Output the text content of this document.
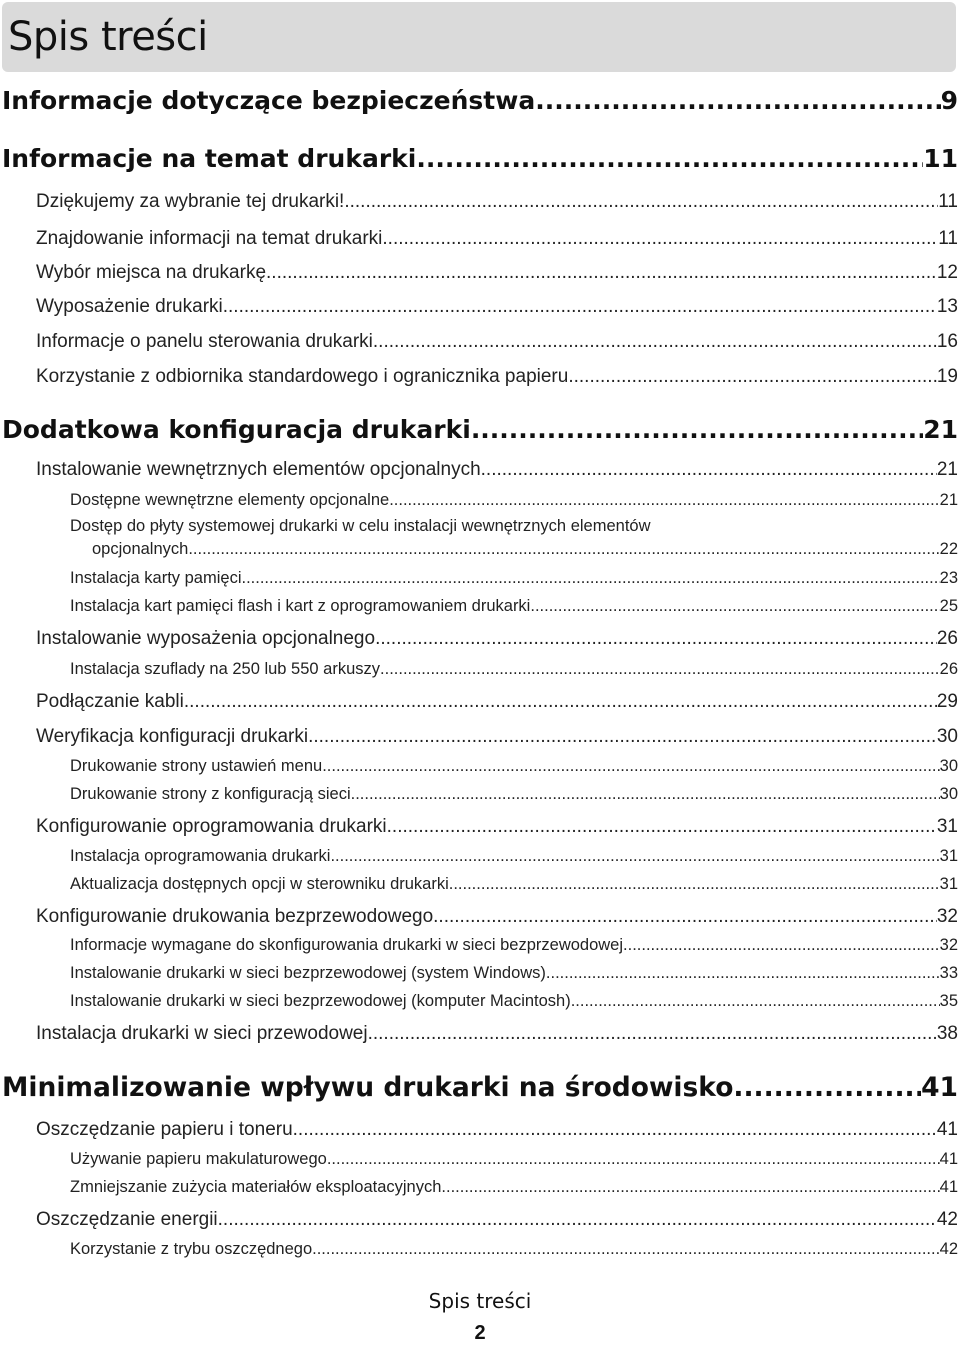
Spis treści
Informacje dotyczące bezpieczeństwa .....	9
Informacje na temat drukarki .....	11
Dziękujemy za wybranie tej drukarki! .....	11
Znajdowanie informacji na temat drukarki .....	11
Wybór miejsca na drukarkę .....	12
Wyposażenie drukarki .....	13
Informacje o panelu sterowania drukarki .....	16
Korzystanie z odbiornika standardowego i ogranicznika papieru .....	19
Dodatkowa konfiguracja drukarki .....	21
Instalowanie wewnętrznych elementów opcjonalnych .....	21
Dostępne wewnętrzne elementy opcjonalne .....	21
Dostęp do płyty systemowej drukarki w celu instalacji wewnętrznych elementów
opcjonalnych .....	22
Instalacja karty pamięci .....	23
Instalacja kart pamięci flash i kart z oprogramowaniem drukarki .....	25
Instalowanie wyposażenia opcjonalnego .....	26
Instalacja szuflady na 250 lub 550 arkuszy .....	26
Podłączanie kabli .....	29
Weryfikacja konfiguracji drukarki .....	30
Drukowanie strony ustawień menu .....	30
Drukowanie strony z konfiguracją sieci .....	30
Konfigurowanie oprogramowania drukarki .....	31
Instalacja oprogramowania drukarki .....	31
Aktualizacja dostępnych opcji w sterowniku drukarki .....	31
Konfigurowanie drukowania bezprzewodowego .....	32
Informacje wymagane do skonfigurowania drukarki w sieci bezprzewodowej .....	32
Instalowanie drukarki w sieci bezprzewodowej (system Windows) .....	33
Instalowanie drukarki w sieci bezprzewodowej (komputer Macintosh) .....	35
Instalacja drukarki w sieci przewodowej .....	38
Minimalizowanie wpływu drukarki na środowisko .....	41
Oszczędzanie papieru i toneru .....	41
Używanie papieru makulaturowego .....	41
Zmniejszanie zużycia materiałów eksploatacyjnych .....	41
Oszczędzanie energii .....	42
Korzystanie z trybu oszczędnego .....	42
Spis treści
2
